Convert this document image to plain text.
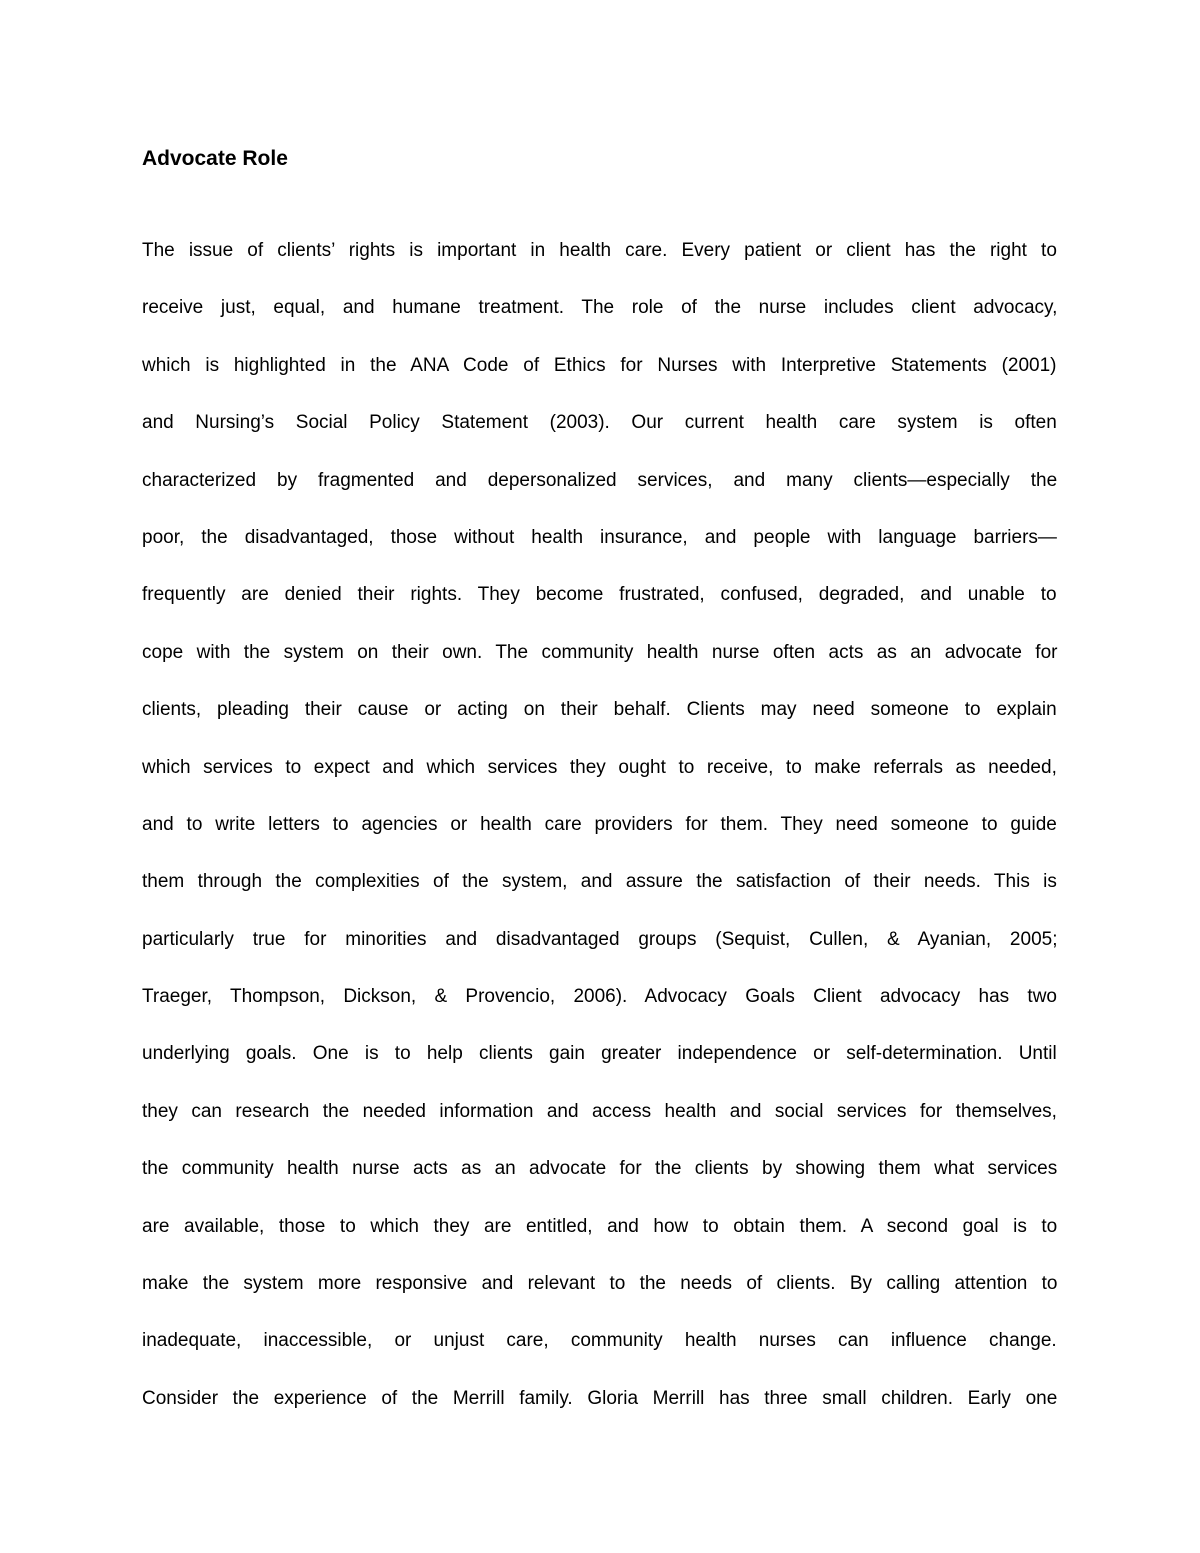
Advocate Role
The issue of clients’ rights is important in health care. Every patient or client has the right to
receive just, equal, and humane treatment. The role of the nurse includes client advocacy,
which is highlighted in the ANA Code of Ethics for Nurses with Interpretive Statements (2001)
and Nursing’s Social Policy Statement (2003). Our current health care system is often
characterized by fragmented and depersonalized services, and many clients—especially the
poor, the disadvantaged, those without health insurance, and people with language barriers—
frequently are denied their rights. They become frustrated, confused, degraded, and unable to
cope with the system on their own. The community health nurse often acts as an advocate for
clients, pleading their cause or acting on their behalf. Clients may need someone to explain
which services to expect and which services they ought to receive, to make referrals as needed,
and to write letters to agencies or health care providers for them. They need someone to guide
them through the complexities of the system, and assure the satisfaction of their needs. This is
particularly true for minorities and disadvantaged groups (Sequist, Cullen, & Ayanian, 2005;
Traeger, Thompson, Dickson, & Provencio, 2006). Advocacy Goals Client advocacy has two
underlying goals. One is to help clients gain greater independence or self-determination. Until
they can research the needed information and access health and social services for themselves,
the community health nurse acts as an advocate for the clients by showing them what services
are available, those to which they are entitled, and how to obtain them. A second goal is to
make the system more responsive and relevant to the needs of clients. By calling attention to
inadequate, inaccessible, or unjust care, community health nurses can influence change.
Consider the experience of the Merrill family. Gloria Merrill has three small children. Early one
